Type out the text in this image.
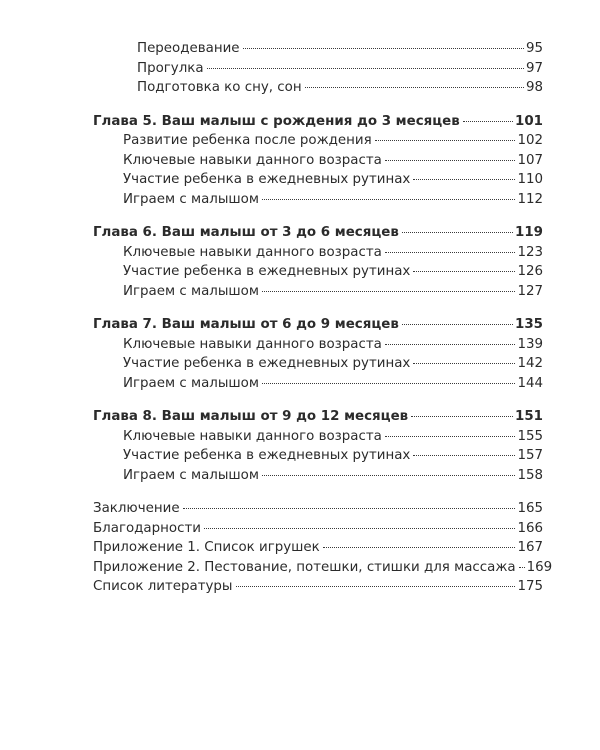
Переодевание	95
Прогулка	97
Подготовка ко сну, сон	98
Глава 5. Ваш малыш с рождения до 3 месяцев	101
Развитие ребенка после рождения	102
Ключевые навыки данного возраста	107
Участие ребенка в ежедневных рутинах	110
Играем с малышом	112
Глава 6. Ваш малыш от 3 до 6 месяцев	119
Ключевые навыки данного возраста	123
Участие ребенка в ежедневных рутинах	126
Играем с малышом	127
Глава 7. Ваш малыш от 6 до 9 месяцев	135
Ключевые навыки данного возраста	139
Участие ребенка в ежедневных рутинах	142
Играем с малышом	144
Глава 8. Ваш малыш от 9 до 12 месяцев	151
Ключевые навыки данного возраста	155
Участие ребенка в ежедневных рутинах	157
Играем с малышом	158
Заключение	165
Благодарности	166
Приложение 1. Список игрушек	167
Приложение 2. Пестование, потешки, стишки для массажа 169
Список литературы	175
